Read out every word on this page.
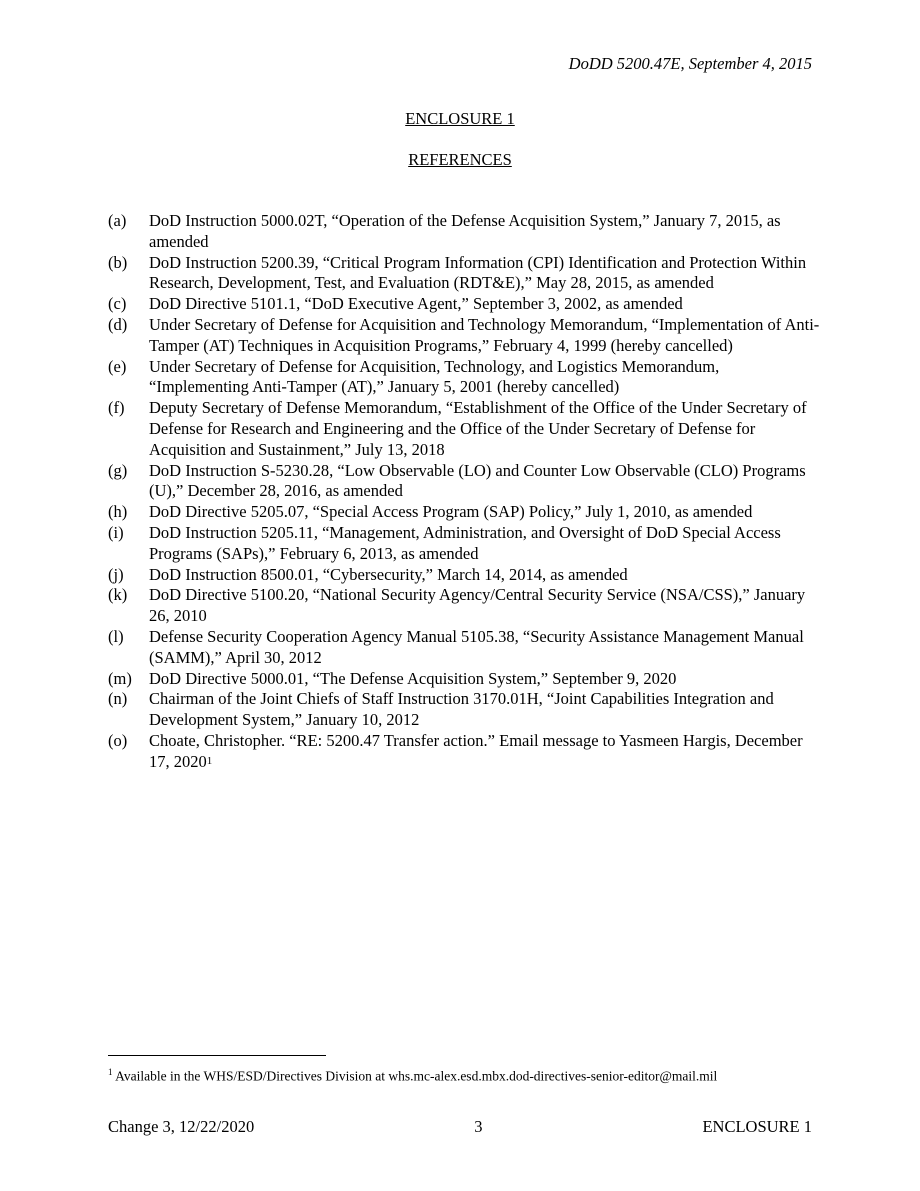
DoDD 5200.47E, September 4, 2015
ENCLOSURE 1
REFERENCES
(a) DoD Instruction 5000.02T, “Operation of the Defense Acquisition System,” January 7, 2015, as amended
(b) DoD Instruction 5200.39, “Critical Program Information (CPI) Identification and Protection Within Research, Development, Test, and Evaluation (RDT&E),” May 28, 2015, as amended
(c) DoD Directive 5101.1, “DoD Executive Agent,” September 3, 2002, as amended
(d) Under Secretary of Defense for Acquisition and Technology Memorandum, “Implementation of Anti-Tamper (AT) Techniques in Acquisition Programs,” February 4, 1999 (hereby cancelled)
(e) Under Secretary of Defense for Acquisition, Technology, and Logistics Memorandum, “Implementing Anti-Tamper (AT),” January 5, 2001 (hereby cancelled)
(f) Deputy Secretary of Defense Memorandum, “Establishment of the Office of the Under Secretary of Defense for Research and Engineering and the Office of the Under Secretary of Defense for Acquisition and Sustainment,” July 13, 2018
(g) DoD Instruction S-5230.28, “Low Observable (LO) and Counter Low Observable (CLO) Programs (U),” December 28, 2016, as amended
(h) DoD Directive 5205.07, “Special Access Program (SAP) Policy,” July 1, 2010, as amended
(i) DoD Instruction 5205.11, “Management, Administration, and Oversight of DoD Special Access Programs (SAPs),” February 6, 2013, as amended
(j) DoD Instruction 8500.01, “Cybersecurity,” March 14, 2014, as amended
(k) DoD Directive 5100.20, “National Security Agency/Central Security Service (NSA/CSS),” January 26, 2010
(l) Defense Security Cooperation Agency Manual 5105.38, “Security Assistance Management Manual (SAMM),” April 30, 2012
(m) DoD Directive 5000.01, “The Defense Acquisition System,” September 9, 2020
(n) Chairman of the Joint Chiefs of Staff Instruction 3170.01H, “Joint Capabilities Integration and Development System,” January 10, 2012
(o) Choate, Christopher. “RE: 5200.47 Transfer action.” Email message to Yasmeen Hargis, December 17, 2020$^1$
$^1$ Available in the WHS/ESD/Directives Division at whs.mc-alex.esd.mbx.dod-directives-senior-editor@mail.mil
Change 3, 12/22/2020	3	ENCLOSURE 1
